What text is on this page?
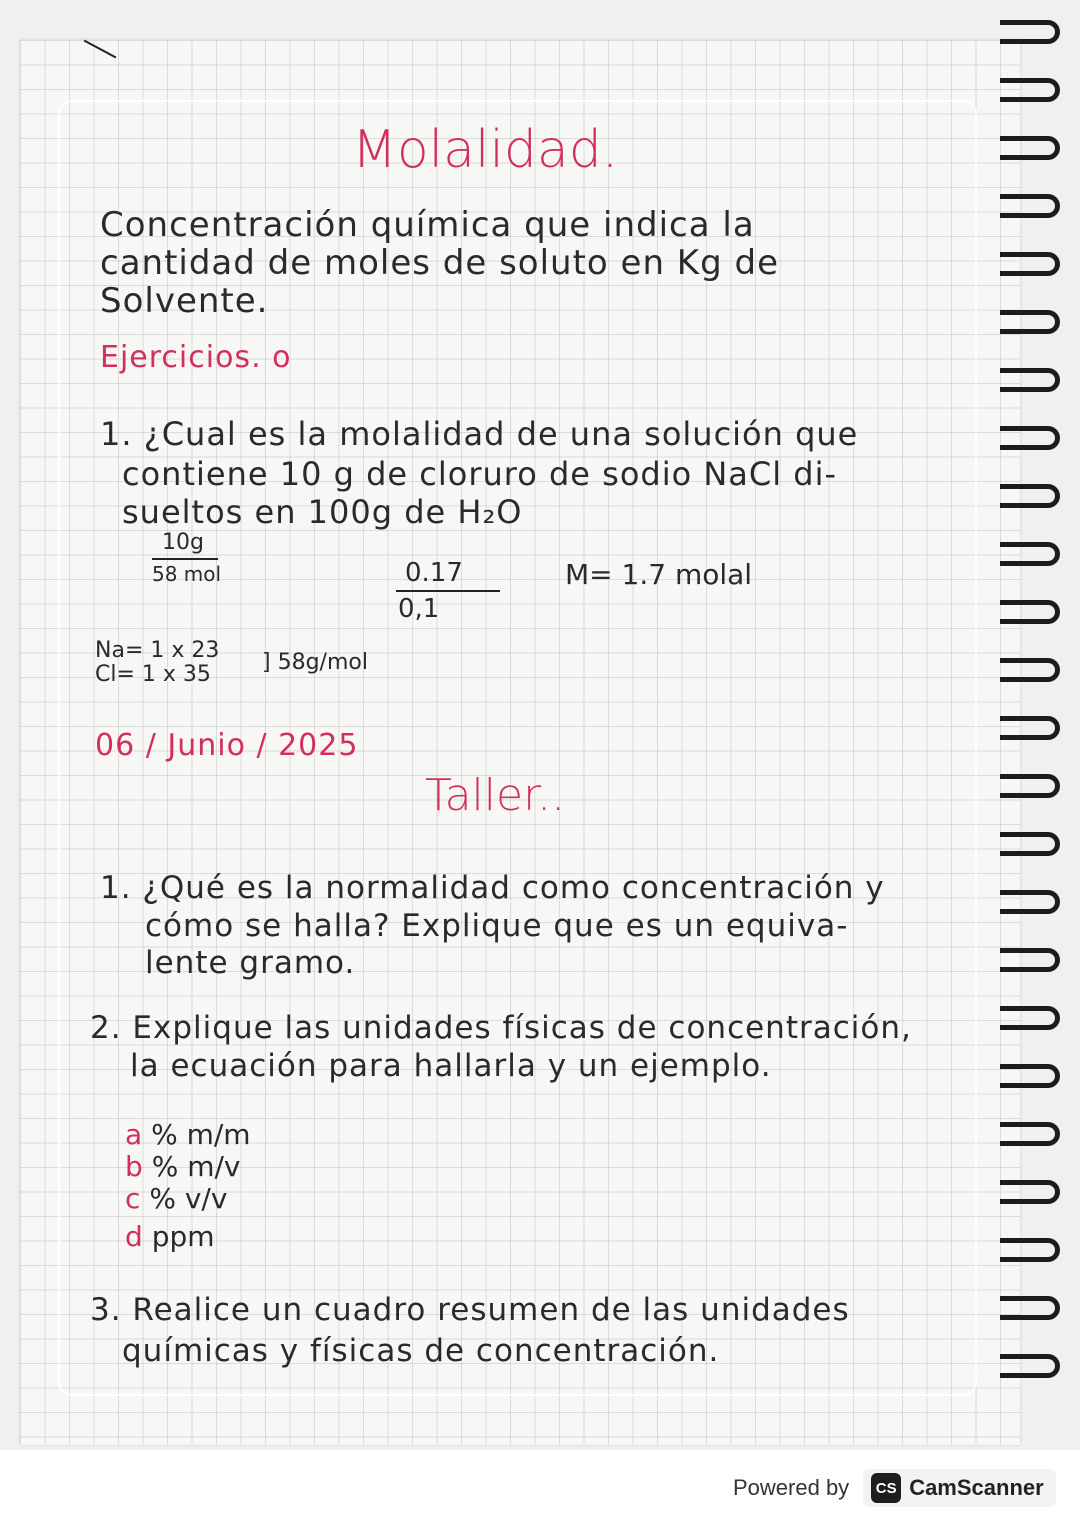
Molalidad.
Concentración química que indica la
cantidad de moles de soluto en Kg de
Solvente.
Ejercicios. o
1. ¿Cual es la molalidad de una solución que
contiene 10 g de cloruro de sodio NaCl di-
sueltos en 100g de H₂O
10g
58 mol	0.17
0,1
M= 1.7 molal
Na= 1 x 23
Cl= 1 x 35 ] 58g/mol
06 / Junio / 2025
Taller..
1. ¿Qué es la normalidad como concentración y
cómo se halla? Explique que es un equiva-
lente gramo.
2. Explique las unidades físicas de concentración,
la ecuación para hallarla y un ejemplo.
a % m/m
b % m/v
c % v/v
d ppm
3. Realice un cuadro resumen de las unidades
químicas y físicas de concentración.
Powered by	CS CamScanner
